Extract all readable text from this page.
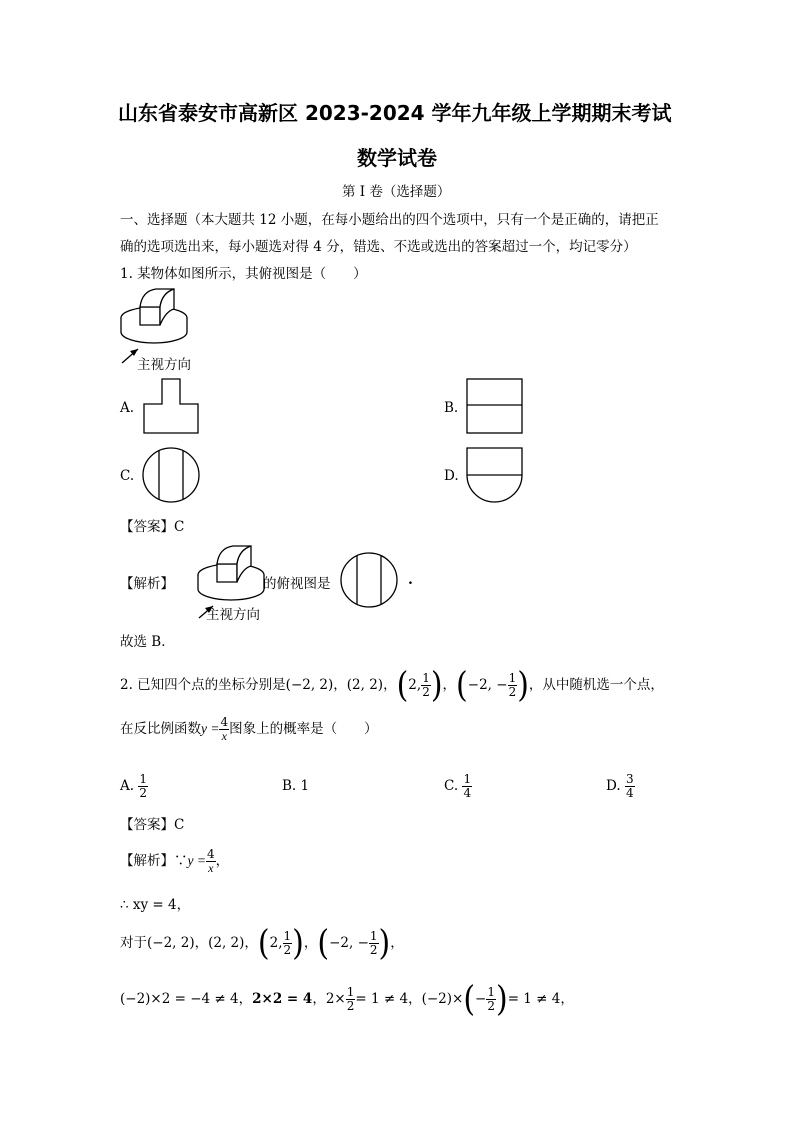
山东省泰安市高新区 2023-2024 学年九年级上学期期末考试
数学试卷
第 I 卷（选择题）
一、选择题（本大题共 12 小题，在每小题给出的四个选项中，只有一个是正确的，请把正
确的选项选出来，每小题选对得 4 分，错选、不选或选出的答案超过一个，均记零分）
1. 某物体如图所示，其俯视图是（　　）
主视方向
A.	B.
C.	D.
【答案】C
【解析】
主视方向
的俯视图是	.
故选 B．
2. 已知四个点的坐标分别是(−2, 2)，(2, 2)，(2, $\frac{1}{2}$ )，(−2, − $\frac{1}{2}$ )，从中随机选一个点，
在反比例函数$y = \frac{4}{x}$ 图象上的概率是（　　）
A. $\frac{1}{2}$	B. 1	C. $\frac{1}{4}$	D. $\frac{3}{4}$
【答案】C
【解析】∵y = $\frac{4}{x}$ ，
∴ xy = 4，
对于(−2, 2)，(2, 2)，(2, $\frac{1}{2}$ )，(−2, − $\frac{1}{2}$ )，
(−2)×2 = −4 ≠ 4，2×2 = 4，$2\times \frac{1}{2} = 1 \ne 4$，$(-2)\times(- \frac{1}{2}$ )= 1 ≠ 4，
